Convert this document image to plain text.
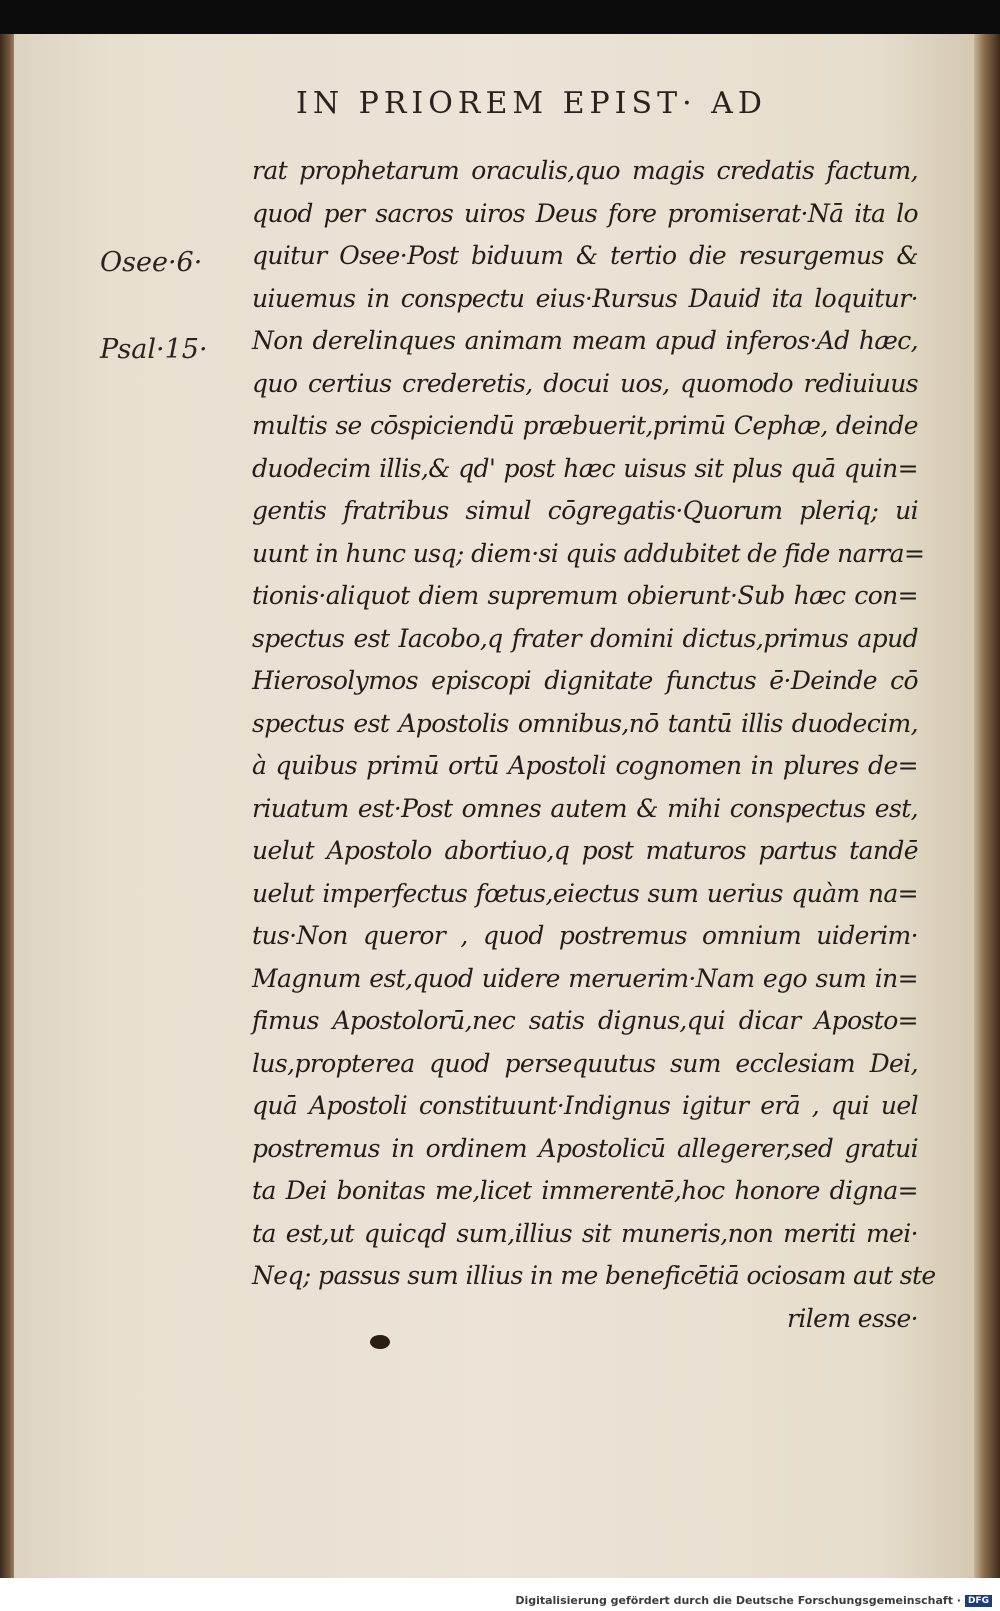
IN PRIOREM EPIST· AD
Osee·6·
Psal·15·
rat prophetarum oraculis,quo magis credatis factum,
quod per sacros uiros Deus fore promiserat·Nā ita lo
quitur Osee·Post biduum & tertio die resurgemus &
uiuemus in conspectu eius·Rursus Dauid ita loquitur·
Non derelinques animam meam apud inferos·Ad hæc,
quo certius crederetis, docui uos, quomodo rediuiuus
multis se cōspiciendū præbuerit,primū Cephæ, deinde
duodecim illis,& qd' post hæc uisus sit plus quā quin=
gentis fratribus simul cōgregatis·Quorum pleriq; ui
uunt in hunc usq; diem·si quis addubitet de fide narra=
tionis·aliquot diem supremum obierunt·Sub hæc con=
spectus est Iacobo,q frater domini dictus,primus apud
Hierosolymos episcopi dignitate functus ē·Deinde cō
spectus est Apostolis omnibus,nō tantū illis duodecim,
à quibus primū ortū Apostoli cognomen in plures de=
riuatum est·Post omnes autem & mihi conspectus est,
uelut Apostolo abortiuo,q post maturos partus tandē
uelut imperfectus fœtus,eiectus sum uerius quàm na=
tus·Non queror , quod postremus omnium uiderim·
Magnum est,quod uidere meruerim·Nam ego sum in=
fimus Apostolorū,nec satis dignus,qui dicar Aposto=
lus,propterea quod persequutus sum ecclesiam Dei,
quā Apostoli constituunt·Indignus igitur erā , qui uel
postremus in ordinem Apostolicū allegerer,sed gratui
ta Dei bonitas me,licet immerentē,hoc honore digna=
ta est,ut quicqd sum,illius sit muneris,non meriti mei·
Neq; passus sum illius in me beneficētiā ociosam aut ste
rilem esse·
Digitalisierung gefördert durch die Deutsche Forschungsgemeinschaft · DFG
